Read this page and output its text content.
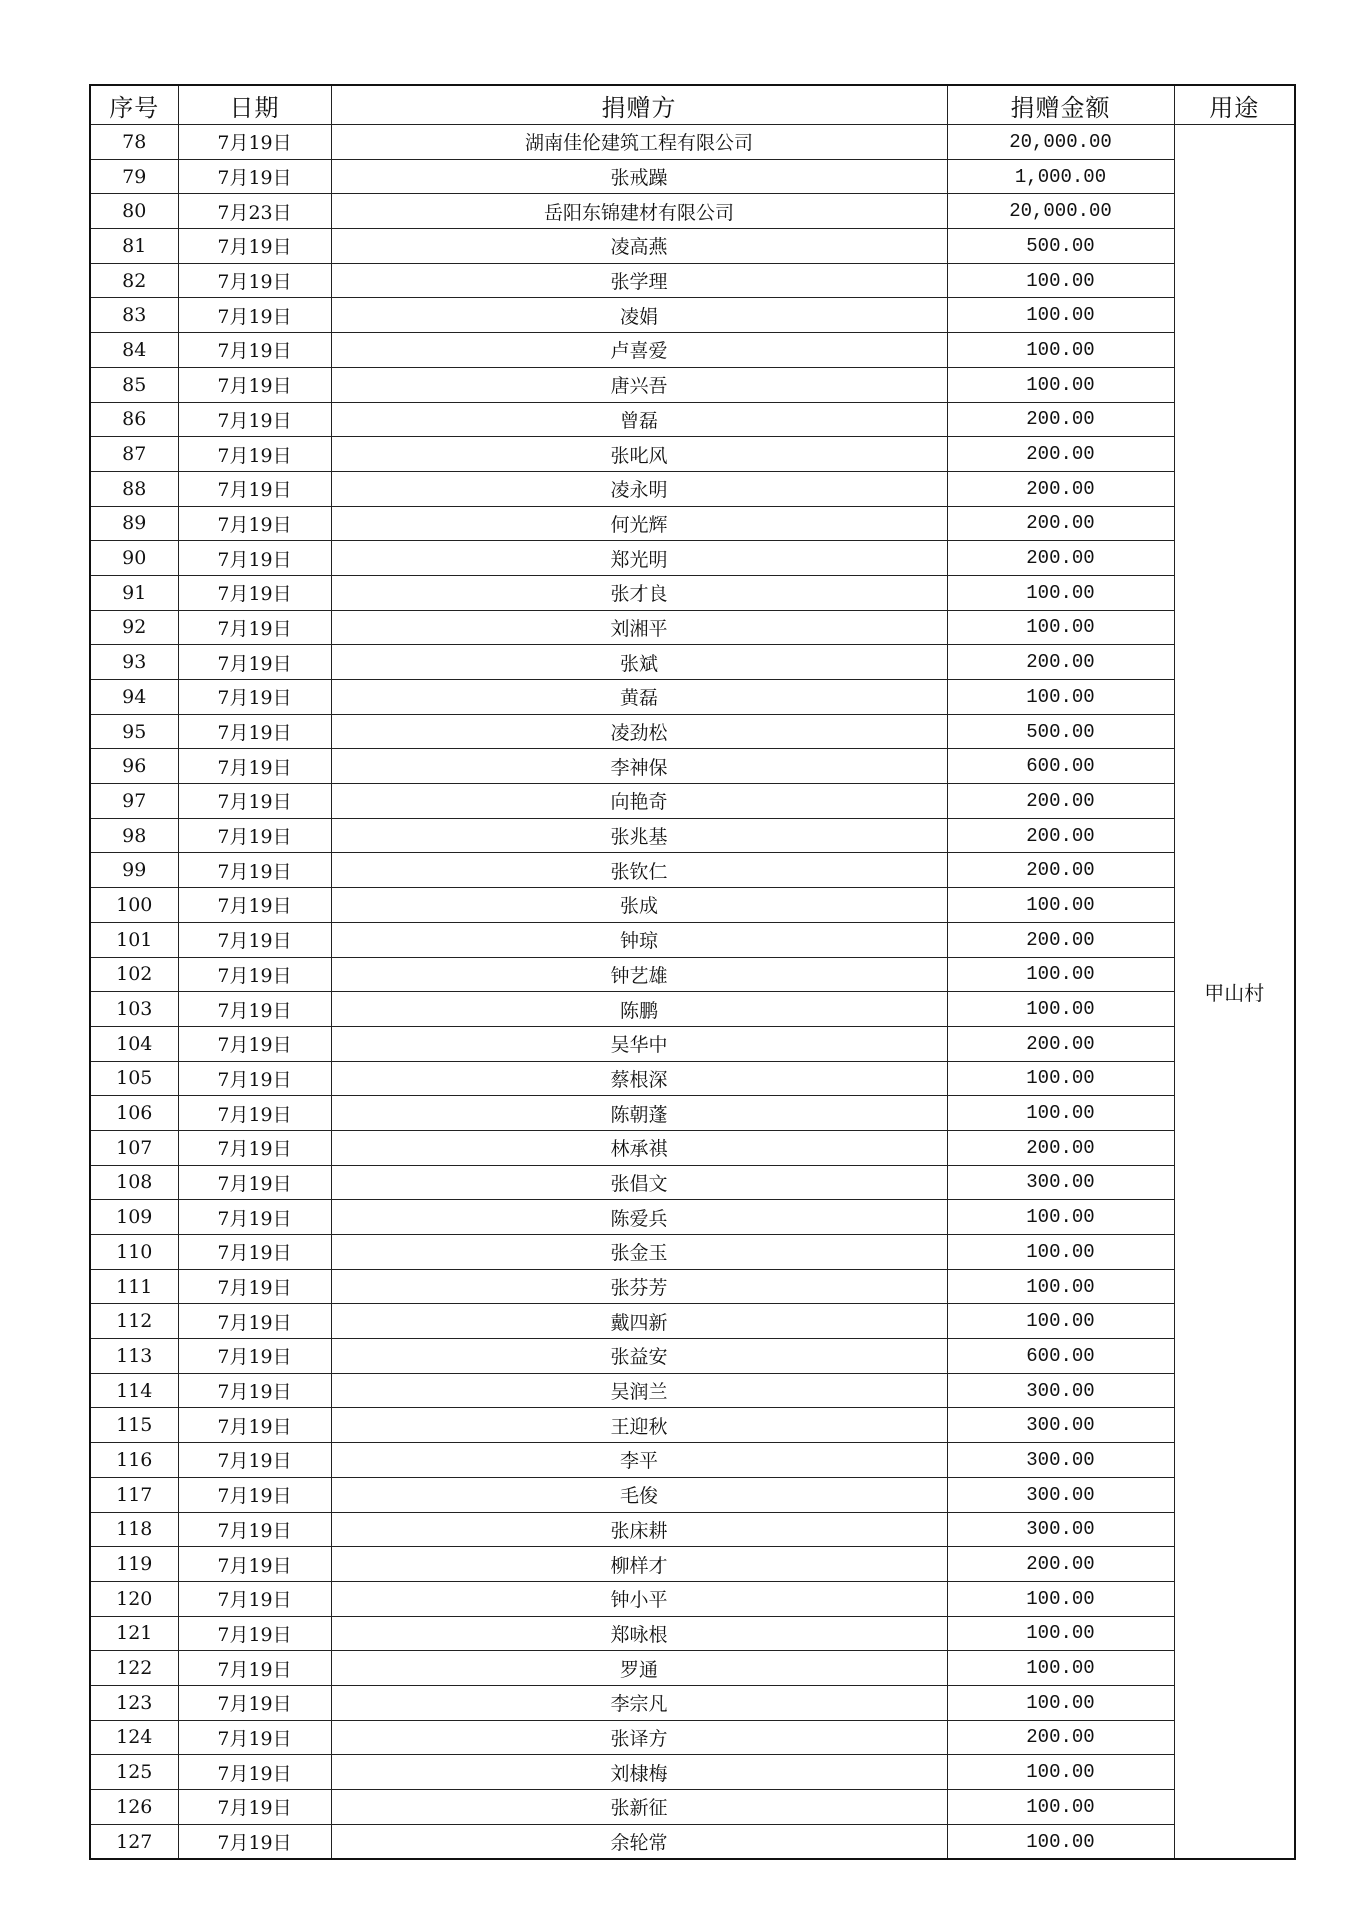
序号	日期	捐赠方	捐赠金额	用途
78	7月19日	湖南佳伦建筑工程有限公司	20,000.00	甲山村
79	7月19日	张戒躁	1,000.00	
80	7月23日	岳阳东锦建材有限公司	20,000.00	
81	7月19日	凌高燕	500.00	
82	7月19日	张学理	100.00	
83	7月19日	凌娟	100.00	
84	7月19日	卢喜爱	100.00	
85	7月19日	唐兴吾	100.00	
86	7月19日	曾磊	200.00	
87	7月19日	张叱风	200.00	
88	7月19日	凌永明	200.00	
89	7月19日	何光辉	200.00	
90	7月19日	郑光明	200.00	
91	7月19日	张才良	100.00	
92	7月19日	刘湘平	100.00	
93	7月19日	张斌	200.00	
94	7月19日	黄磊	100.00	
95	7月19日	凌劲松	500.00	
96	7月19日	李神保	600.00	
97	7月19日	向艳奇	200.00	
98	7月19日	张兆基	200.00	
99	7月19日	张钦仁	200.00	
100	7月19日	张成	100.00	
101	7月19日	钟琼	200.00	
102	7月19日	钟艺雄	100.00	
103	7月19日	陈鹏	100.00	
104	7月19日	吴华中	200.00	
105	7月19日	蔡根深	100.00	
106	7月19日	陈朝蓬	100.00	
107	7月19日	林承祺	200.00	
108	7月19日	张倡文	300.00	
109	7月19日	陈爱兵	100.00	
110	7月19日	张金玉	100.00	
111	7月19日	张芬芳	100.00	
112	7月19日	戴四新	100.00	
113	7月19日	张益安	600.00	
114	7月19日	吴润兰	300.00	
115	7月19日	王迎秋	300.00	
116	7月19日	李平	300.00	
117	7月19日	毛俊	300.00	
118	7月19日	张床耕	300.00	
119	7月19日	柳样才	200.00	
120	7月19日	钟小平	100.00	
121	7月19日	郑咏根	100.00	
122	7月19日	罗通	100.00	
123	7月19日	李宗凡	100.00	
124	7月19日	张译方	200.00	
125	7月19日	刘棣梅	100.00	
126	7月19日	张新征	100.00	
127	7月19日	余轮常	100.00	
